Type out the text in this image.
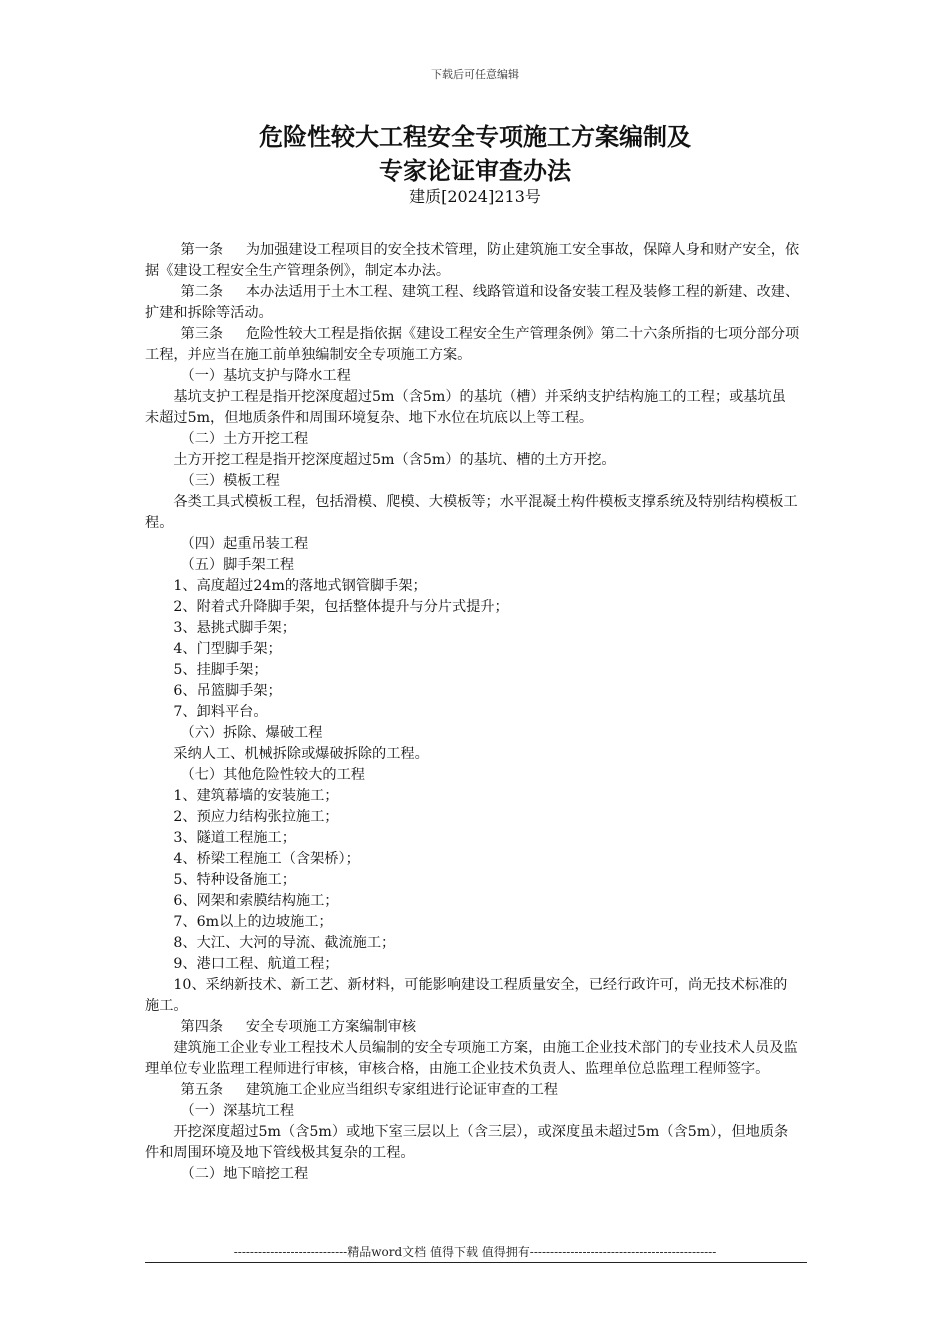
下载后可任意编辑
危险性较大工程安全专项施工方案编制及
专家论证审查办法
建质[2024]213号

第一条 为加强建设工程项目的安全技术管理，防止建筑施工安全事故，保障人身和财产安全，依据《建设工程安全生产管理条例》，制定本办法。

第二条 本办法适用于土木工程、建筑工程、线路管道和设备安装工程及装修工程的新建、改建、扩建和拆除等活动。

第三条 危险性较大工程是指依据《建设工程安全生产管理条例》第二十六条所指的七项分部分项工程，并应当在施工前单独编制安全专项施工方案。

（一）基坑支护与降水工程

基坑支护工程是指开挖深度超过5m（含5m）的基坑（槽）并采纳支护结构施工的工程；或基坑虽未超过5m，但地质条件和周围环境复杂、地下水位在坑底以上等工程。

（二）土方开挖工程

土方开挖工程是指开挖深度超过5m（含5m）的基坑、槽的土方开挖。

（三）模板工程

各类工具式模板工程，包括滑模、爬模、大模板等；水平混凝土构件模板支撑系统及特别结构模板工程。

（四）起重吊装工程

（五）脚手架工程

1、高度超过24m的落地式钢管脚手架；

2、附着式升降脚手架，包括整体提升与分片式提升；

3、悬挑式脚手架；

4、门型脚手架；

5、挂脚手架；

6、吊篮脚手架；

7、卸料平台。

（六）拆除、爆破工程

采纳人工、机械拆除或爆破拆除的工程。

（七）其他危险性较大的工程

1、建筑幕墙的安装施工；

2、预应力结构张拉施工；

3、隧道工程施工；

4、桥梁工程施工（含架桥）；

5、特种设备施工；

6、网架和索膜结构施工；

7、6m以上的边坡施工；

8、大江、大河的导流、截流施工；

9、港口工程、航道工程；

10、采纳新技术、新工艺、新材料，可能影响建设工程质量安全，已经行政许可，尚无技术标准的施工。

第四条 安全专项施工方案编制审核

建筑施工企业专业工程技术人员编制的安全专项施工方案，由施工企业技术部门的专业技术人员及监理单位专业监理工程师进行审核，审核合格，由施工企业技术负责人、监理单位总监理工程师签字。

第五条 建筑施工企业应当组织专家组进行论证审查的工程

（一）深基坑工程

开挖深度超过5m（含5m）或地下室三层以上（含三层），或深度虽未超过5m（含5m），但地质条件和周围环境及地下管线极其复杂的工程。

（二）地下暗挖工程

----------------------------精品word文档 值得下载 值得拥有----------------------------------------------
